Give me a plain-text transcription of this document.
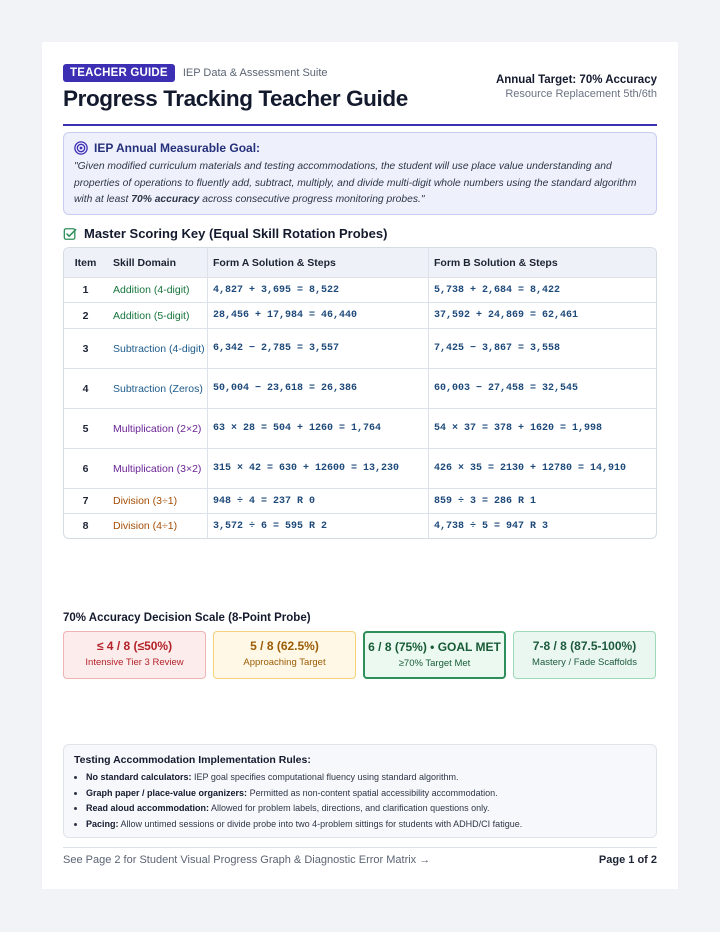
TEACHER GUIDE	IEP Data & Assessment Suite
Progress Tracking Teacher Guide
Annual Target: 70% Accuracy
Resource Replacement 5th/6th
IEP Annual Measurable Goal:
"Given modified curriculum materials and testing accommodations, the student will use place value understanding and properties of operations to fluently add, subtract, multiply, and divide multi-digit whole numbers using the standard algorithm with at least 70% accuracy across consecutive progress monitoring probes."
Master Scoring Key (Equal Skill Rotation Probes)
Item	Skill Domain	Form A Solution & Steps	Form B Solution & Steps
1	Addition (4-digit)	4,827 + 3,695 = 8,522	5,738 + 2,684 = 8,422
2	Addition (5-digit)	28,456 + 17,984 = 46,440	37,592 + 24,869 = 62,461
3	Subtraction (4-digit) 6,342 − 2,785 = 3,557	7,425 − 3,867 = 3,558
4	Subtraction (Zeros)	50,004 − 23,618 = 26,386	60,003 − 27,458 = 32,545
5	Multiplication (2×2)	63 × 28 = 504 + 1260 = 1,764	54 × 37 = 378 + 1620 = 1,998
6	Multiplication (3×2)	315 × 42 = 630 + 12600 = 13,230	426 × 35 = 2130 + 12780 = 14,910
7	Division (3÷1)	948 ÷ 4 = 237 R 0	859 ÷ 3 = 286 R 1
8	Division (4÷1)	3,572 ÷ 6 = 595 R 2	4,738 ÷ 5 = 947 R 3
70% Accuracy Decision Scale (8-Point Probe)
≤ 4 / 8 (≤50%)
Intensive Tier 3 Review
5 / 8 (62.5%)
Approaching Target
6 / 8 (75%) • GOAL MET
≥70% Target Met
7-8 / 8 (87.5-100%)
Mastery / Fade Scaffolds
Testing Accommodation Implementation Rules:
• No standard calculators: IEP goal specifies computational fluency using standard algorithm.
• Graph paper / place-value organizers: Permitted as non-content spatial accessibility accommodation.
• Read aloud accommodation: Allowed for problem labels, directions, and clarification questions only.
• Pacing: Allow untimed sessions or divide probe into two 4-problem sittings for students with ADHD/CI fatigue.
See Page 2 for Student Visual Progress Graph & Diagnostic Error Matrix →	Page 1 of 2
